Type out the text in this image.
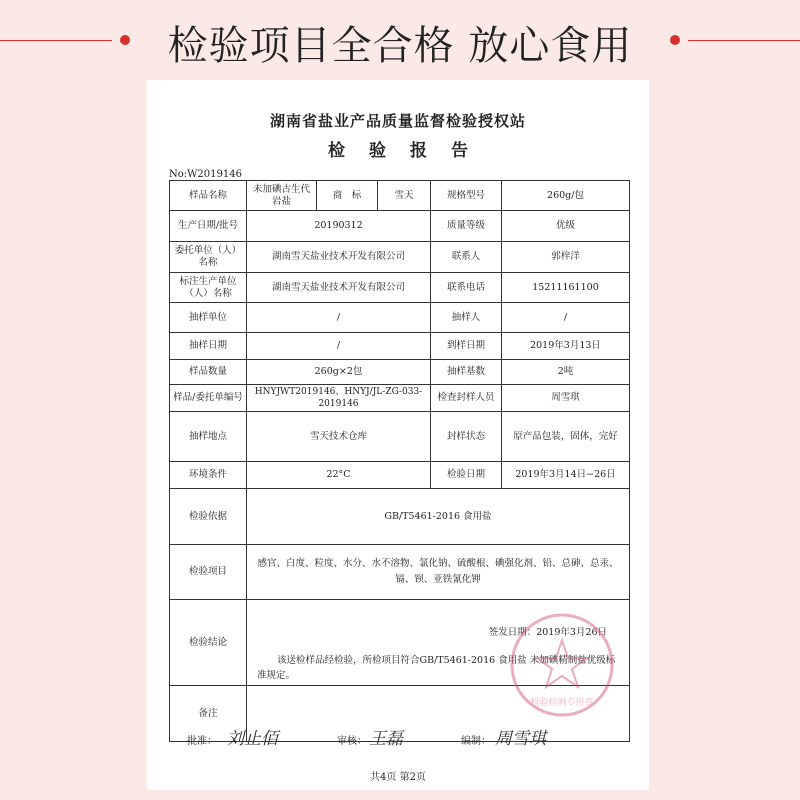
检验项目全合格 放心食用
湖南省盐业产品质量监督检验授权站
检验报告
No:W2019146
样品名称	未加碘古生代岩盐	商　标	雪天	规格型号	260g/包
生产日期/批号	20190312			质量等级	优级
委托单位（人）名称	湖南雪天盐业技术开发有限公司			联系人	郭梓洋
标注生产单位（人）名称	湖南雪天盐业技术开发有限公司			联系电话	15211161100
抽样单位	/			抽样人	/
抽样日期	/			到样日期	2019年3月13日
样品数量	260g×2包			抽样基数	2吨
样品/委托单编号	HNYJWT2019146、HNYJ/JL-ZG-033-2019146			检查封样人员	周雪琪
抽样地点	雪天技术仓库			封样状态	原产品包装，固体，完好
环境条件	22°C			检验日期	2019年3月14日−26日
检验依据	GB/T5461-2016 食用盐				
检验项目	感官、白度、粒度、水分、水不溶物、氯化钠、硫酸根、碘强化剂、铅、总砷、总汞、镉、钡、亚铁氰化钾				
检验结论	该送检样品经检验，所检项目符合GB/T5461-2016 食用盐 未加碘精制盐优级标准规定。
签发日期：2019年3月26日				

备注					
批准： 刘止佰	审核： 王磊	编制： 周雪琪
共4页 第2页
检验检测专用章
